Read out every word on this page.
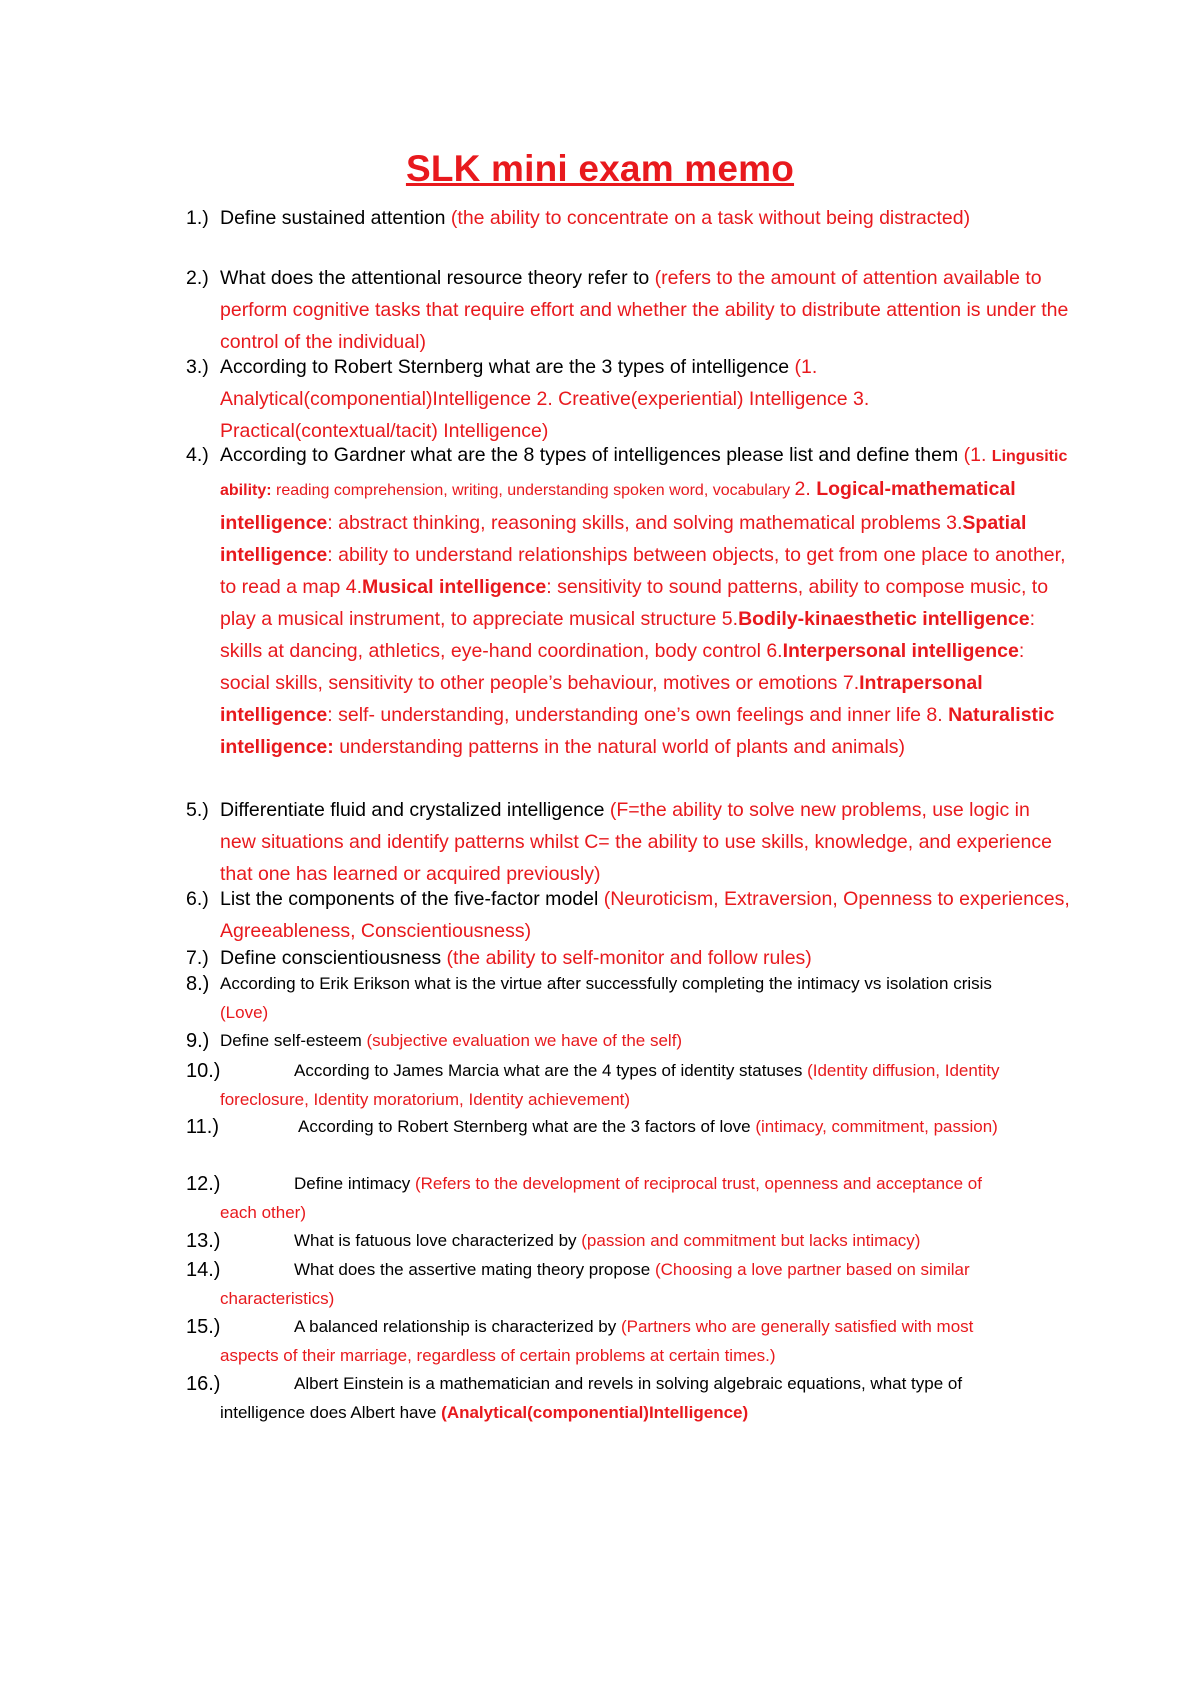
SLK mini exam memo
1.) Define sustained attention (the ability to concentrate on a task without being distracted)
2.) What does the attentional resource theory refer to (refers to the amount of attention available to perform cognitive tasks that require effort and whether the ability to distribute attention is under the control of the individual)
3.) According to Robert Sternberg what are the 3 types of intelligence (1. Analytical(componential)Intelligence 2. Creative(experiential) Intelligence 3. Practical(contextual/tacit) Intelligence)
4.) According to Gardner what are the 8 types of intelligences please list and define them (1. Lingusitic ability: reading comprehension, writing, understanding spoken word, vocabulary 2. Logical-mathematical intelligence: abstract thinking, reasoning skills, and solving mathematical problems 3.Spatial intelligence: ability to understand relationships between objects, to get from one place to another, to read a map 4.Musical intelligence: sensitivity to sound patterns, ability to compose music, to play a musical instrument, to appreciate musical structure 5.Bodily-kinaesthetic intelligence: skills at dancing, athletics, eye-hand coordination, body control 6.Interpersonal intelligence: social skills, sensitivity to other people’s behaviour, motives or emotions 7.Intrapersonal intelligence: self- understanding, understanding one’s own feelings and inner life 8. Naturalistic intelligence: understanding patterns in the natural world of plants and animals)
5.) Differentiate fluid and crystalized intelligence (F=the ability to solve new problems, use logic in new situations and identify patterns whilst C= the ability to use skills, knowledge, and experience that one has learned or acquired previously)
6.) List the components of the five-factor model (Neuroticism, Extraversion, Openness to experiences, Agreeableness, Conscientiousness)
7.) Define conscientiousness (the ability to self-monitor and follow rules)
8.) According to Erik Erikson what is the virtue after successfully completing the intimacy vs isolation crisis (Love)
9.) Define self-esteem (subjective evaluation we have of the self)
10.)	According to James Marcia what are the 4 types of identity statuses (Identity diffusion, Identity foreclosure, Identity moratorium, Identity achievement)
11.)	According to Robert Sternberg what are the 3 factors of love (intimacy, commitment, passion)
12.)	Define intimacy (Refers to the development of reciprocal trust, openness and acceptance of each other)
13.)	What is fatuous love characterized by (passion and commitment but lacks intimacy)
14.)	What does the assertive mating theory propose (Choosing a love partner based on similar characteristics)
15.)	A balanced relationship is characterized by (Partners who are generally satisfied with most aspects of their marriage, regardless of certain problems at certain times.)
16.)	Albert Einstein is a mathematician and revels in solving algebraic equations, what type of intelligence does Albert have (Analytical(componential)Intelligence)
